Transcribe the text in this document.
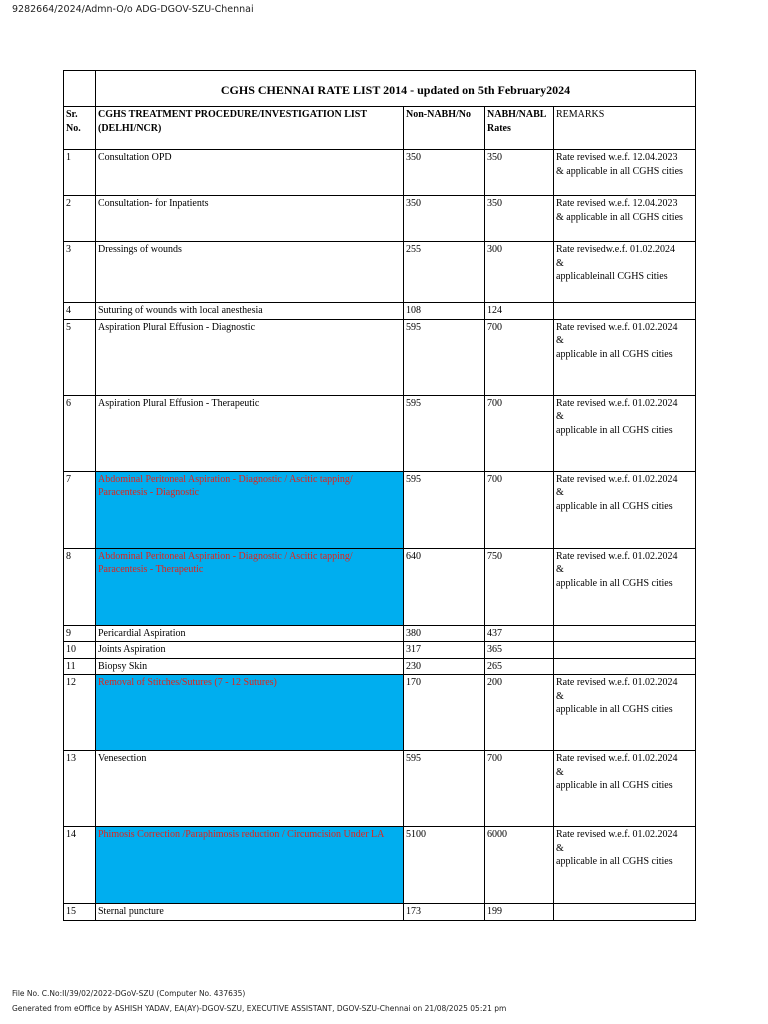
9282664/2024/Admn-O/o ADG-DGOV-SZU-Chennai
	CGHS CHENNAI RATE LIST 2014 - updated on 5th February2024			
Sr. No.	CGHS TREATMENT PROCEDURE/INVESTIGATION LIST (DELHI/NCR)	Non-NABH/No	NABH/NABL Rates	REMARKS
1	Consultation OPD	350	350	Rate revised w.e.f. 12.04.2023
& applicable in all CGHS cities

2	Consultation- for Inpatients	350	350	Rate revised w.e.f. 12.04.2023
& applicable in all CGHS cities

3	Dressings of wounds	255	300	Rate revisedw.e.f. 01.02.2024
&
applicableinall CGHS cities

4	Suturing of wounds with local anesthesia	108	124	
5	Aspiration Plural Effusion - Diagnostic	595	700	Rate revised w.e.f. 01.02.2024
&
applicable in all CGHS cities

6	Aspiration Plural Effusion - Therapeutic	595	700	Rate revised w.e.f. 01.02.2024
&
applicable in all CGHS cities

7	Abdominal Peritoneal Aspiration - Diagnostic / Ascitic tapping/ Paracentesis - Diagnostic	595	700	Rate revised w.e.f. 01.02.2024
&
applicable in all CGHS cities

8	Abdominal Peritoneal Aspiration - Diagnostic / Ascitic tapping/ Paracentesis - Therapeutic	640	750	Rate revised w.e.f. 01.02.2024
&
applicable in all CGHS cities

9	Pericardial Aspiration	380	437	
10	Joints Aspiration	317	365	
11	Biopsy Skin	230	265	
12	Removal of Stitches/Sutures (7 - 12 Sutures)	170	200	Rate revised w.e.f. 01.02.2024
&
applicable in all CGHS cities

13	Venesection	595	700	Rate revised w.e.f. 01.02.2024
&
applicable in all CGHS cities

14	Phimosis Correction /Paraphimosis reduction / Circumcision Under LA	5100	6000	Rate revised w.e.f. 01.02.2024
&
applicable in all CGHS cities

15	Sternal puncture	173	199	
File No. C.No:II/39/02/2022-DGoV-SZU (Computer No. 437635)
Generated from eOffice by ASHISH YADAV, EA(AY)-DGOV-SZU, EXECUTIVE ASSISTANT, DGOV-SZU-Chennai on 21/08/2025 05:21 pm
